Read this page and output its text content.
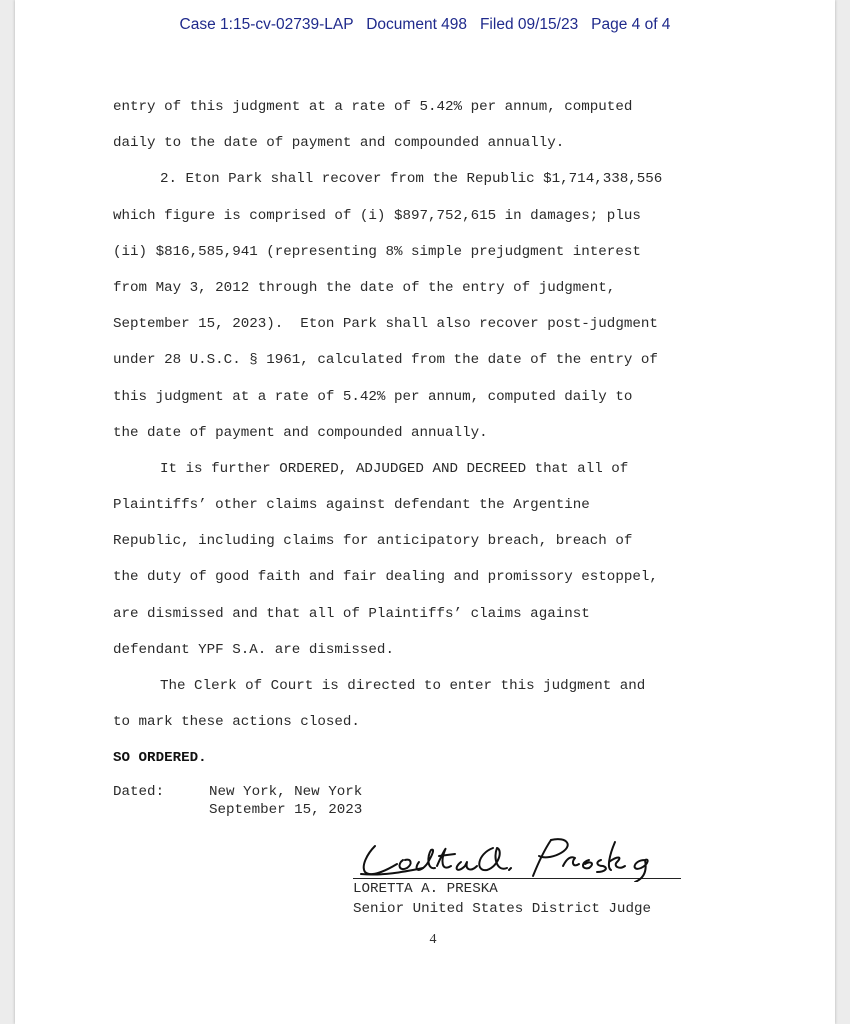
Case 1:15-cv-02739-LAP Document 498 Filed 09/15/23 Page 4 of 4
entry of this judgment at a rate of 5.42% per annum, computed
daily to the date of payment and compounded annually.
2. Eton Park shall recover from the Republic $1,714,338,556
which figure is comprised of (i) $897,752,615 in damages; plus
(ii) $816,585,941 (representing 8% simple prejudgment interest
from May 3, 2012 through the date of the entry of judgment,
September 15, 2023).  Eton Park shall also recover post-judgment
under 28 U.S.C. § 1961, calculated from the date of the entry of
this judgment at a rate of 5.42% per annum, computed daily to
the date of payment and compounded annually.
It is further ORDERED, ADJUDGED AND DECREED that all of
Plaintiffs’ other claims against defendant the Argentine
Republic, including claims for anticipatory breach, breach of
the duty of good faith and fair dealing and promissory estoppel,
are dismissed and that all of Plaintiffs’ claims against
defendant YPF S.A. are dismissed.
The Clerk of Court is directed to enter this judgment and
to mark these actions closed.
SO ORDERED.
Dated:	New York, New York
September 15, 2023
LORETTA A. PRESKA
Senior United States District Judge
4
